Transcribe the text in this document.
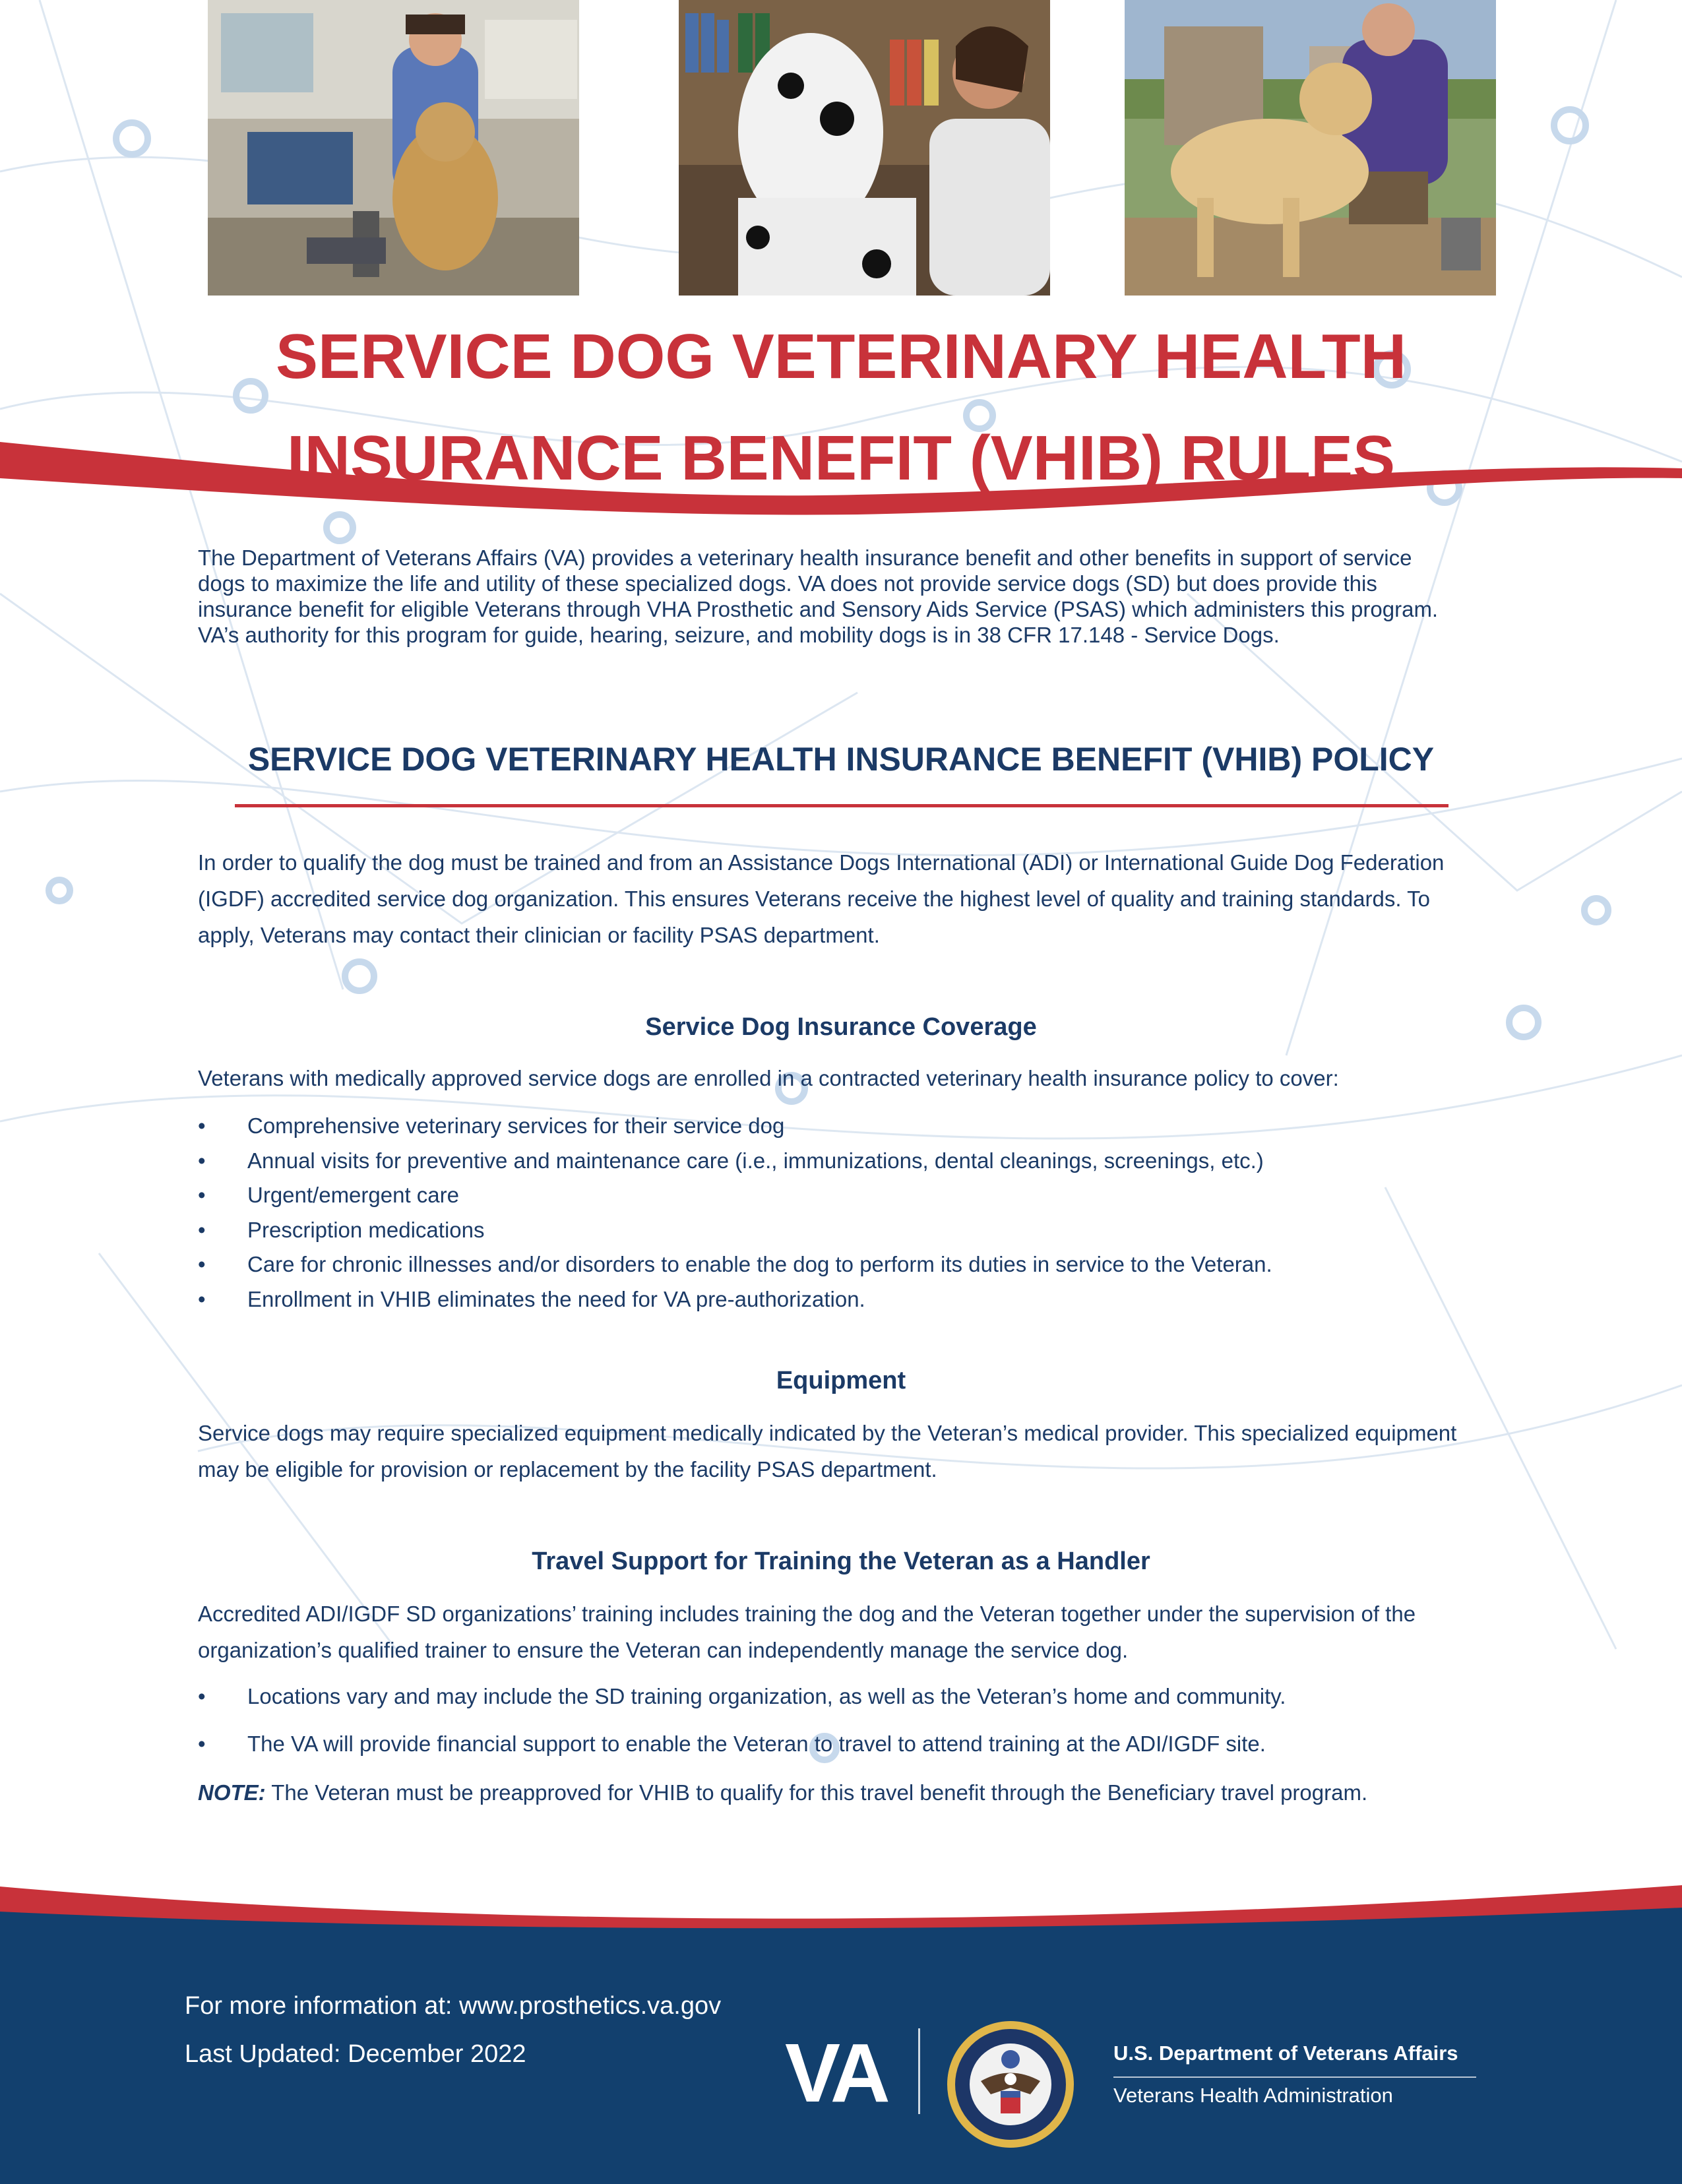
SERVICE DOG VETERINARY HEALTH
INSURANCE BENEFIT (VHIB) RULES
The Department of Veterans Affairs (VA) provides a veterinary health insurance benefit and other benefits in support of service dogs to maximize the life and utility of these specialized dogs. VA does not provide service dogs (SD) but does provide this insurance benefit for eligible Veterans through VHA Prosthetic and Sensory Aids Service (PSAS) which administers this program. VA’s authority for this program for guide, hearing, seizure, and mobility dogs is in 38 CFR 17.148 - Service Dogs.
SERVICE DOG VETERINARY HEALTH INSURANCE BENEFIT (VHIB) POLICY
In order to qualify the dog must be trained and from an Assistance Dogs International (ADI) or International Guide Dog Federation (IGDF) accredited service dog organization. This ensures Veterans receive the highest level of quality and training standards. To apply, Veterans may contact their clinician or facility PSAS department.
Service Dog Insurance Coverage
Veterans with medically approved service dogs are enrolled in a contracted veterinary health insurance policy to cover:
• Comprehensive veterinary services for their service dog
• Annual visits for preventive and maintenance care (i.e., immunizations, dental cleanings, screenings, etc.)
• Urgent/emergent care
• Prescription medications
• Care for chronic illnesses and/or disorders to enable the dog to perform its duties in service to the Veteran.
• Enrollment in VHIB eliminates the need for VA pre-authorization.
Equipment
Service dogs may require specialized equipment medically indicated by the Veteran’s medical provider. This specialized equipment may be eligible for provision or replacement by the facility PSAS department.
Travel Support for Training the Veteran as a Handler
Accredited ADI/IGDF SD organizations’ training includes training the dog and the Veteran together under the supervision of the organization’s qualified trainer to ensure the Veteran can independently manage the service dog.
• Locations vary and may include the SD training organization, as well as the Veteran’s home and community.
• The VA will provide financial support to enable the Veteran to travel to attend training at the ADI/IGDF site.
NOTE: The Veteran must be preapproved for VHIB to qualify for this travel benefit through the Beneficiary travel program.
For more information at: www.prosthetics.va.gov
Last Updated: December 2022	VA	U.S. Department of Veterans Affairs
Veterans Health Administration
